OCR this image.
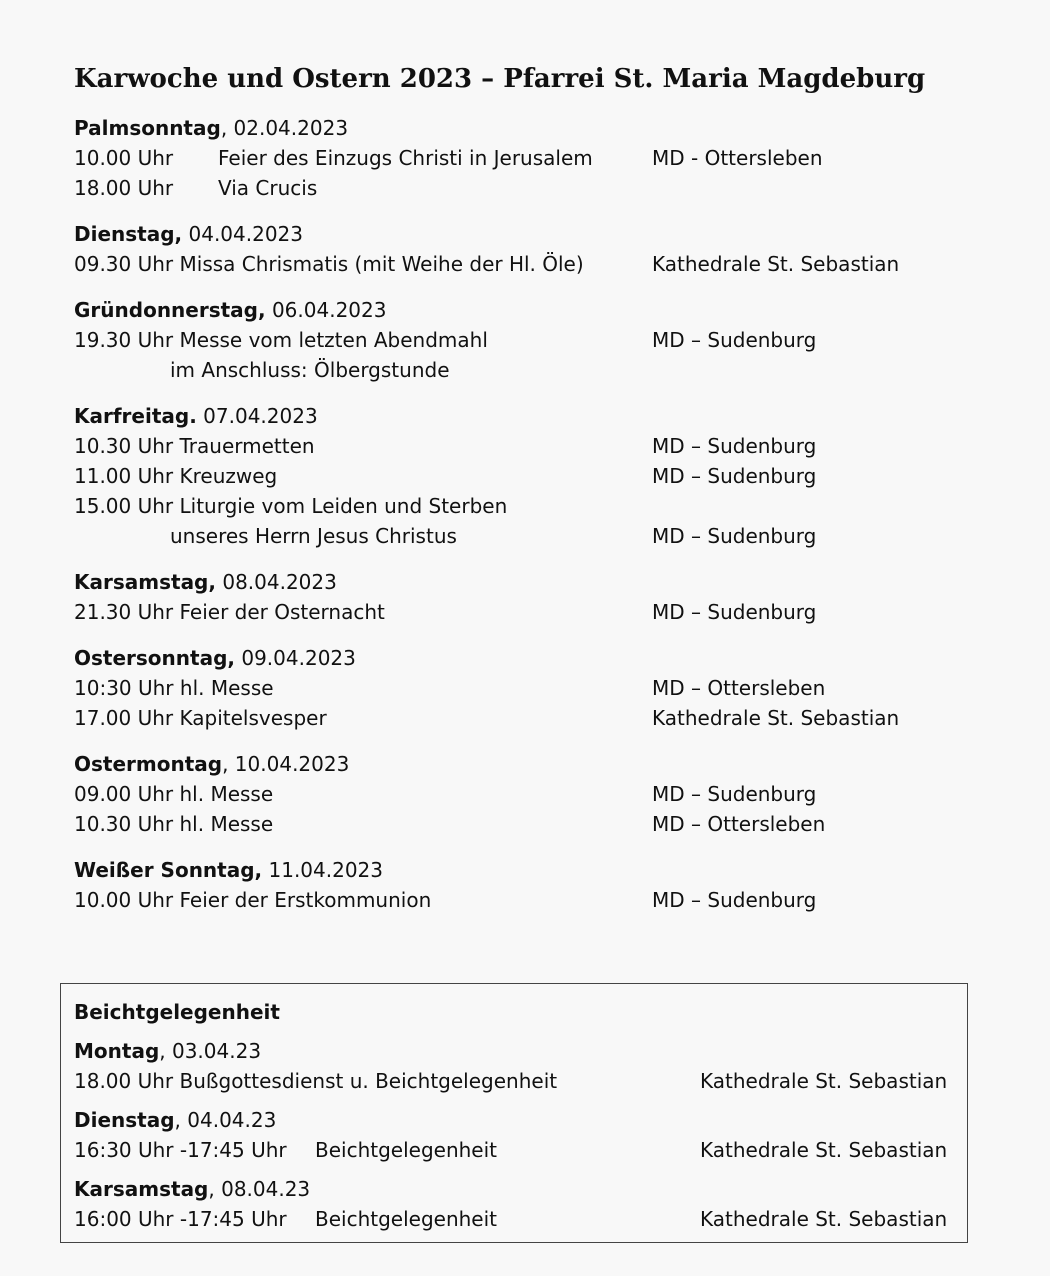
Karwoche und Ostern 2023 – Pfarrei St. Maria Magdeburg
Palmsonntag, 02.04.2023
10.00 Uhr Feier des Einzugs Christi in Jerusalem	MD - Ottersleben
18.00 Uhr Via Crucis
Dienstag, 04.04.2023
09.30 Uhr Missa Chrismatis (mit Weihe der Hl. Öle)	Kathedrale St. Sebastian
Gründonnerstag, 06.04.2023
19.30 Uhr Messe vom letzten Abendmahl	MD – Sudenburg
im Anschluss: Ölbergstunde
Karfreitag. 07.04.2023
10.30 Uhr Trauermetten	MD – Sudenburg
11.00 Uhr Kreuzweg	MD – Sudenburg
15.00 Uhr Liturgie vom Leiden und Sterben
unseres Herrn Jesus Christus	MD – Sudenburg
Karsamstag, 08.04.2023
21.30 Uhr Feier der Osternacht	MD – Sudenburg
Ostersonntag, 09.04.2023
10:30 Uhr hl. Messe	MD – Ottersleben
17.00 Uhr Kapitelsvesper	Kathedrale St. Sebastian
Ostermontag, 10.04.2023
09.00 Uhr hl. Messe	MD – Sudenburg
10.30 Uhr hl. Messe	MD – Ottersleben
Weißer Sonntag, 11.04.2023
10.00 Uhr Feier der Erstkommunion	MD – Sudenburg
Beichtgelegenheit
Montag, 03.04.23
18.00 Uhr Bußgottesdienst u. Beichtgelegenheit	Kathedrale St. Sebastian
Dienstag, 04.04.23
16:30 Uhr -17:45 Uhr Beichtgelegenheit	Kathedrale St. Sebastian
Karsamstag, 08.04.23
16:00 Uhr -17:45 Uhr Beichtgelegenheit	Kathedrale St. Sebastian
